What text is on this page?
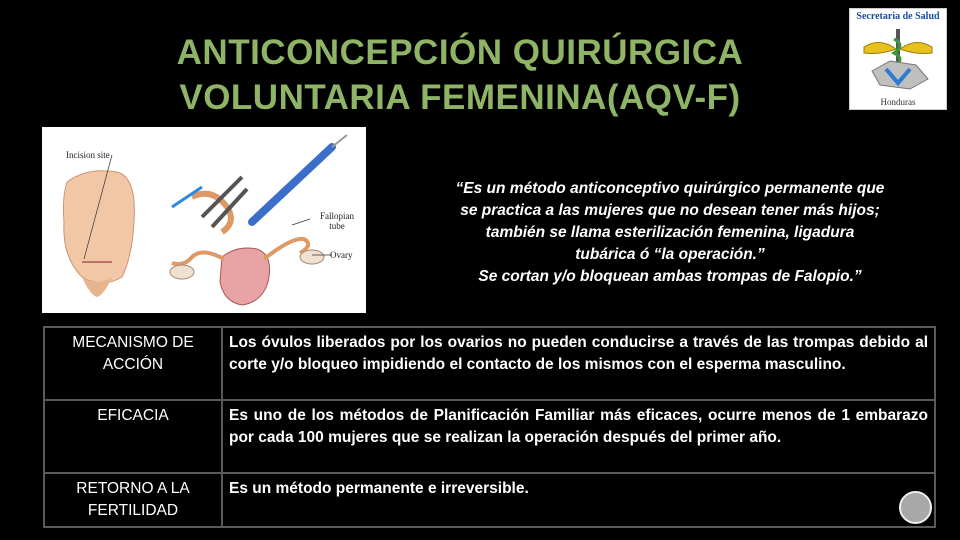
ANTICONCEPCIÓN QUIRÚRGICA
VOLUNTARIA FEMENINA(AQV-F)
Secretaria de Salud
Honduras
Incision site
Fallopian tube
Ovary
“Es un método anticonceptivo quirúrgico permanente que
se practica a las mujeres que no desean tener más hijos;
también se llama esterilización femenina, ligadura
tubárica ó “la operación.”
Se cortan y/o bloquean ambas trompas de Falopio.”
MECANISMO DE ACCIÓN	Los óvulos liberados por los ovarios no pueden conducirse a través de las trompas debido al corte y/o bloqueo impidiendo el contacto de los mismos con el esperma masculino.
EFICACIA	Es uno de los métodos de Planificación Familiar más eficaces, ocurre menos de 1 embarazo por cada 100 mujeres que se realizan la operación después del primer año.
RETORNO A LA FERTILIDAD	Es un método permanente e irreversible.
